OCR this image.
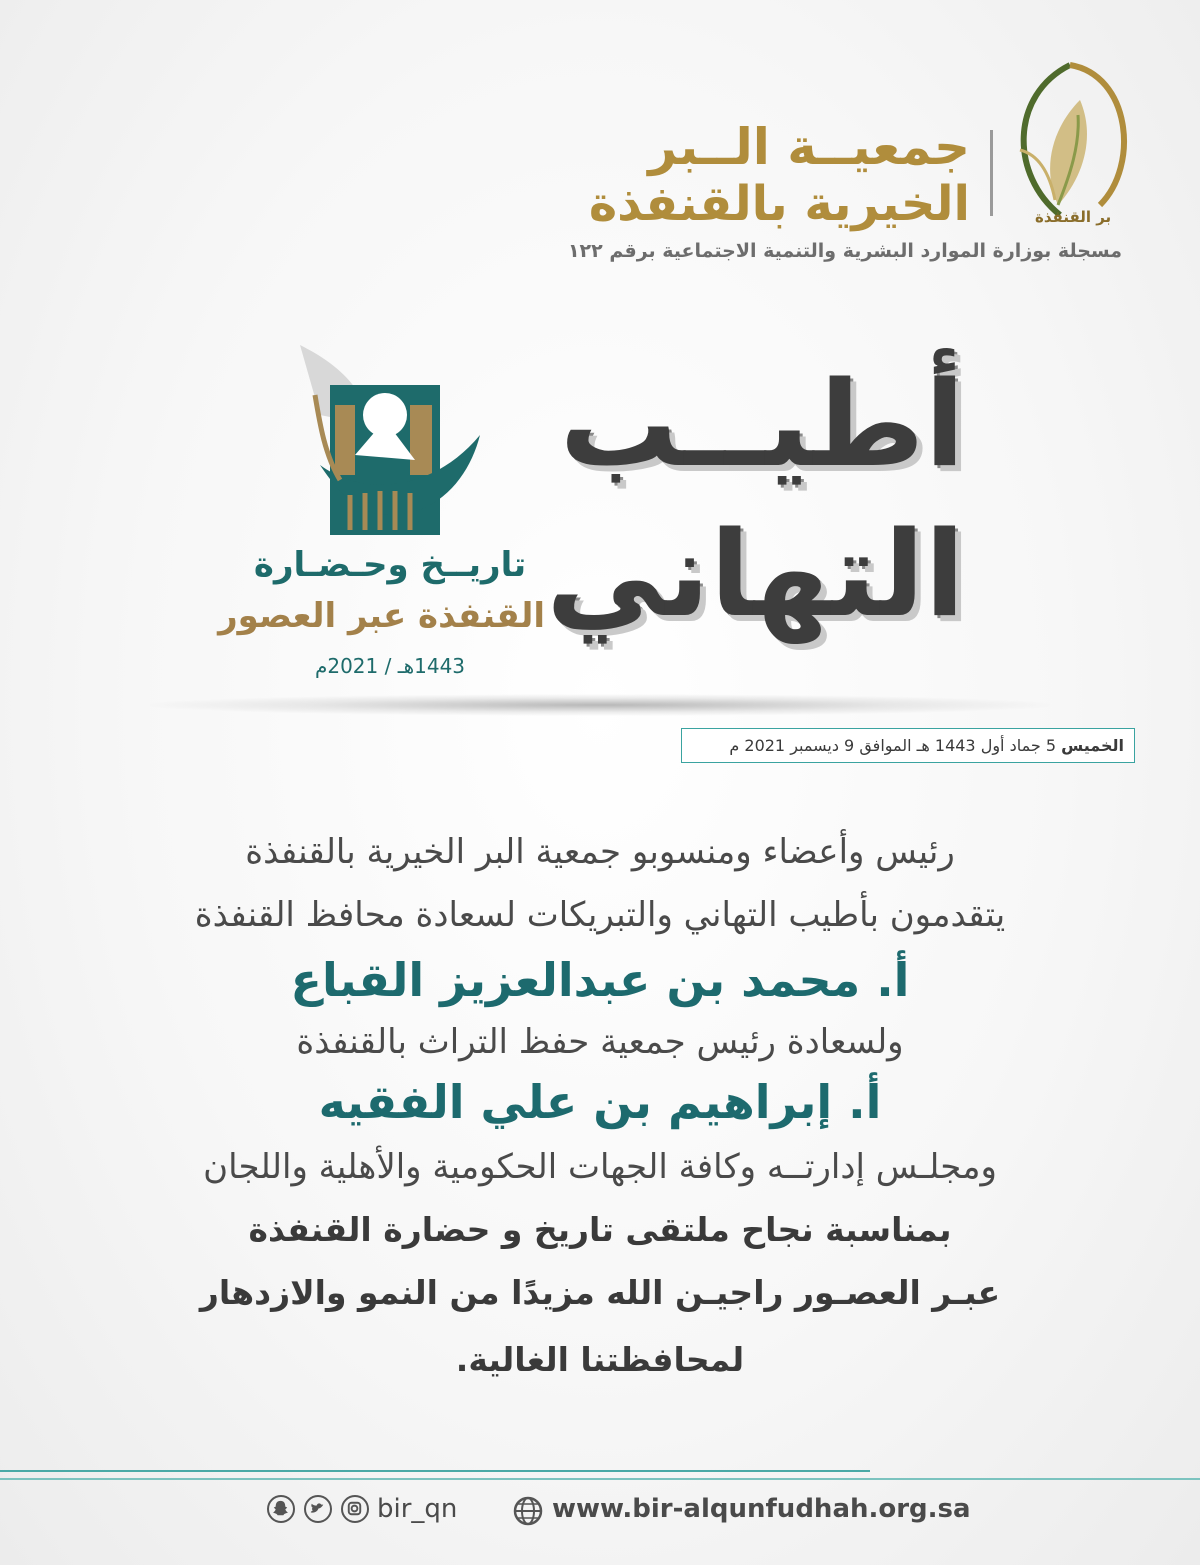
جمعيــة الــبر
الخيرية بالقنفذة
مسجلة بوزارة الموارد البشرية والتنمية الاجتماعية برقم ١٢٢
بر القنفذة
أطيــب
التهاني
تاريــخ وحـضـارة
القنفذة عبر العصور
1443هـ / 2021م
الخميس 5 جماد أول 1443 هـ الموافق 9 ديسمبر 2021 م
رئيس وأعضاء ومنسوبو جمعية البر الخيرية بالقنفذة
يتقدمون بأطيب التهاني والتبريكات لسعادة محافظ القنفذة
أ. محمد بن عبدالعزيز القباع
ولسعادة رئيس جمعية حفظ التراث بالقنفذة
أ. إبراهيم بن علي الفقيه
ومجلـس إدارتــه وكافة الجهات الحكومية والأهلية واللجان
بمناسبة نجاح ملتقى تاريخ و حضارة القنفذة
عبـر العصـور راجيـن الله مزيدًا من النمو والازدهار
لمحافظتنا الغالية.
bir_qn	www.bir-alqunfudhah.org.sa
